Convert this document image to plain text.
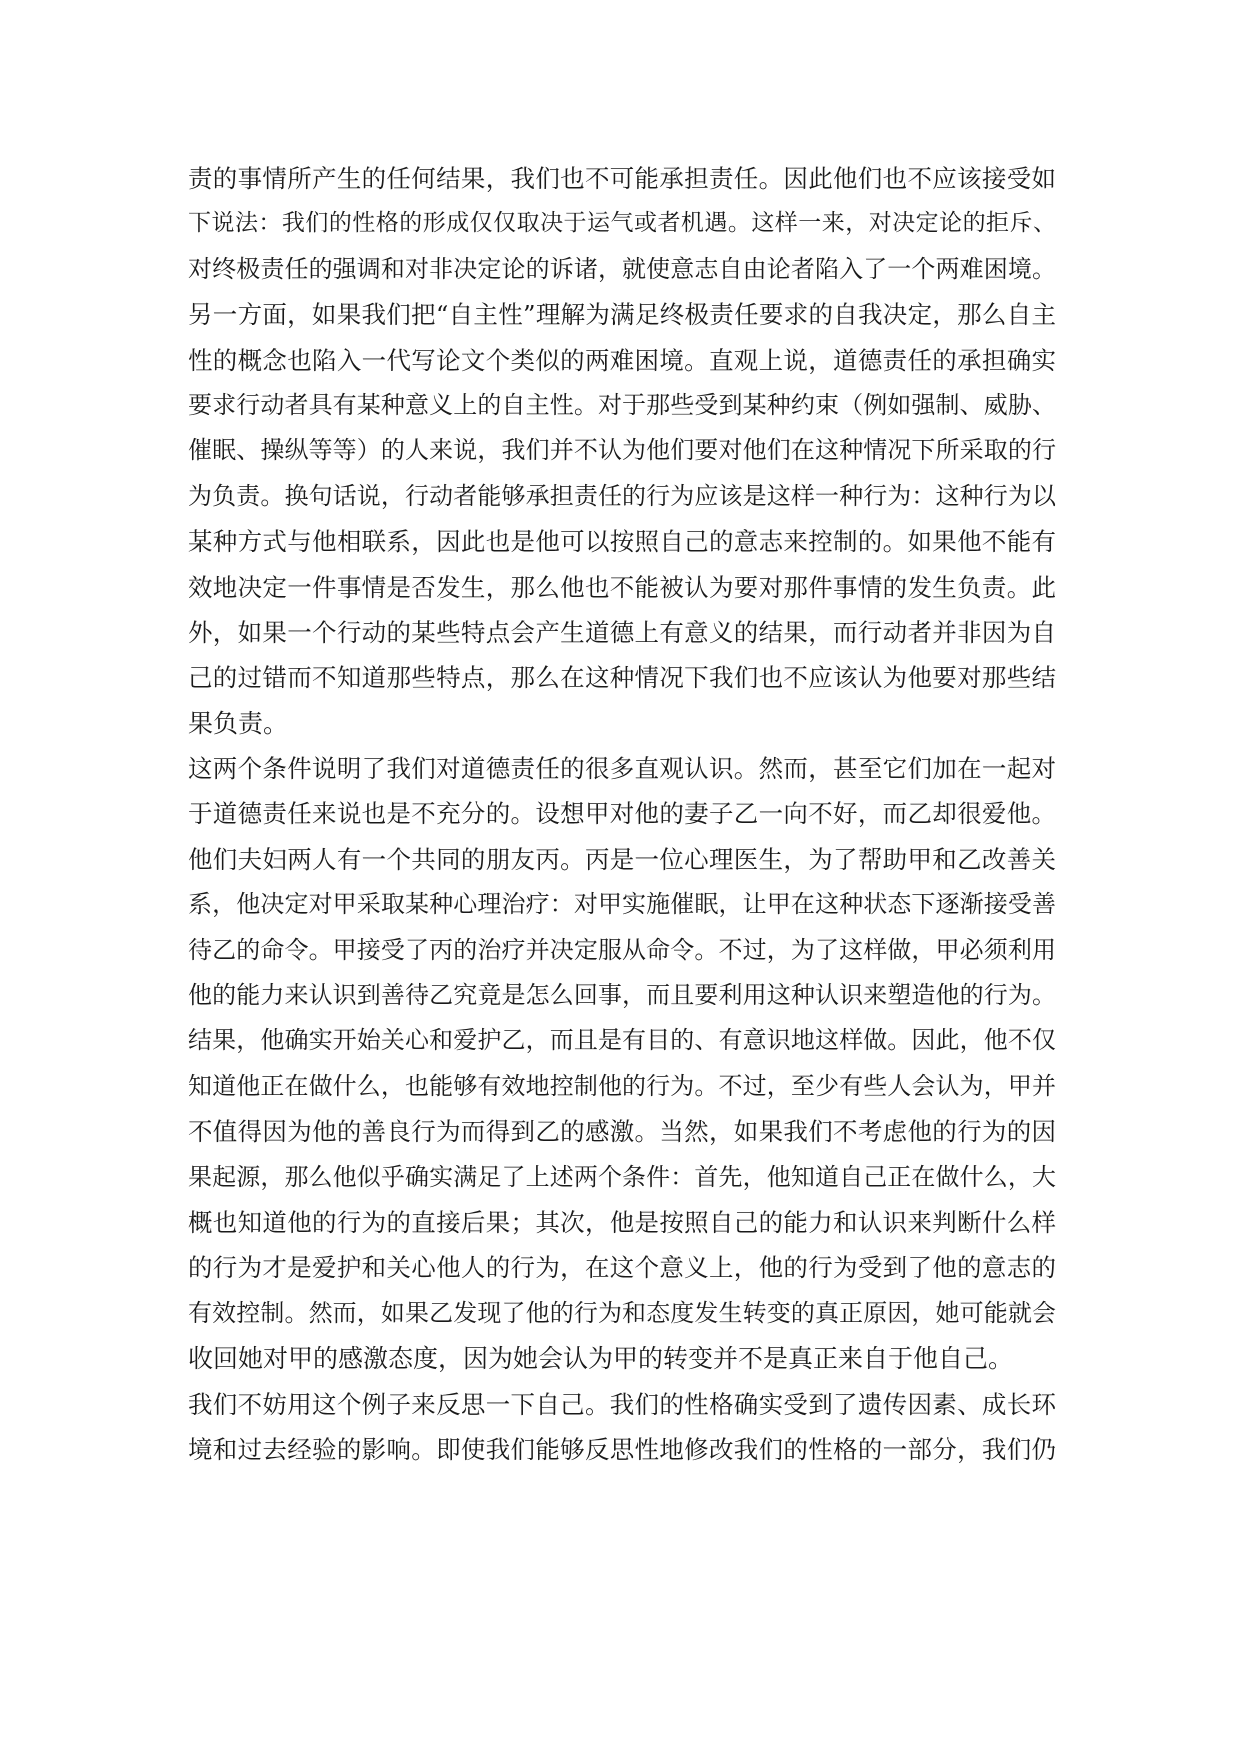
责的事情所产生的任何结果，我们也不可能承担责任。因此他们也不应该接受如
下说法：我们的性格的形成仅仅取决于运气或者机遇。这样一来，对决定论的拒斥、
对终极责任的强调和对非决定论的诉诸，就使意志自由论者陷入了一个两难困境。
另一方面，如果我们把“自主性”理解为满足终极责任要求的自我决定，那么自主
性的概念也陷入一代写论文个类似的两难困境。直观上说，道德责任的承担确实
要求行动者具有某种意义上的自主性。对于那些受到某种约束（例如强制、威胁、
催眠、操纵等等）的人来说，我们并不认为他们要对他们在这种情况下所采取的行
为负责。换句话说，行动者能够承担责任的行为应该是这样一种行为：这种行为以
某种方式与他相联系，因此也是他可以按照自己的意志来控制的。如果他不能有
效地决定一件事情是否发生，那么他也不能被认为要对那件事情的发生负责。此
外，如果一个行动的某些特点会产生道德上有意义的结果，而行动者并非因为自
己的过错而不知道那些特点，那么在这种情况下我们也不应该认为他要对那些结
果负责。

这两个条件说明了我们对道德责任的很多直观认识。然而，甚至它们加在一起对
于道德责任来说也是不充分的。设想甲对他的妻子乙一向不好，而乙却很爱他。
他们夫妇两人有一个共同的朋友丙。丙是一位心理医生，为了帮助甲和乙改善关
系，他决定对甲采取某种心理治疗：对甲实施催眠，让甲在这种状态下逐渐接受善
待乙的命令。甲接受了丙的治疗并决定服从命令。不过，为了这样做，甲必须利用
他的能力来认识到善待乙究竟是怎么回事，而且要利用这种认识来塑造他的行为。
结果，他确实开始关心和爱护乙，而且是有目的、有意识地这样做。因此，他不仅
知道他正在做什么，也能够有效地控制他的行为。不过，至少有些人会认为，甲并
不值得因为他的善良行为而得到乙的感激。当然，如果我们不考虑他的行为的因
果起源，那么他似乎确实满足了上述两个条件：首先，他知道自己正在做什么，大
概也知道他的行为的直接后果；其次，他是按照自己的能力和认识来判断什么样
的行为才是爱护和关心他人的行为，在这个意义上，他的行为受到了他的意志的
有效控制。然而，如果乙发现了他的行为和态度发生转变的真正原因，她可能就会
收回她对甲的感激态度，因为她会认为甲的转变并不是真正来自于他自己。

我们不妨用这个例子来反思一下自己。我们的性格确实受到了遗传因素、成长环
境和过去经验的影响。即使我们能够反思性地修改我们的性格的一部分，我们仍
